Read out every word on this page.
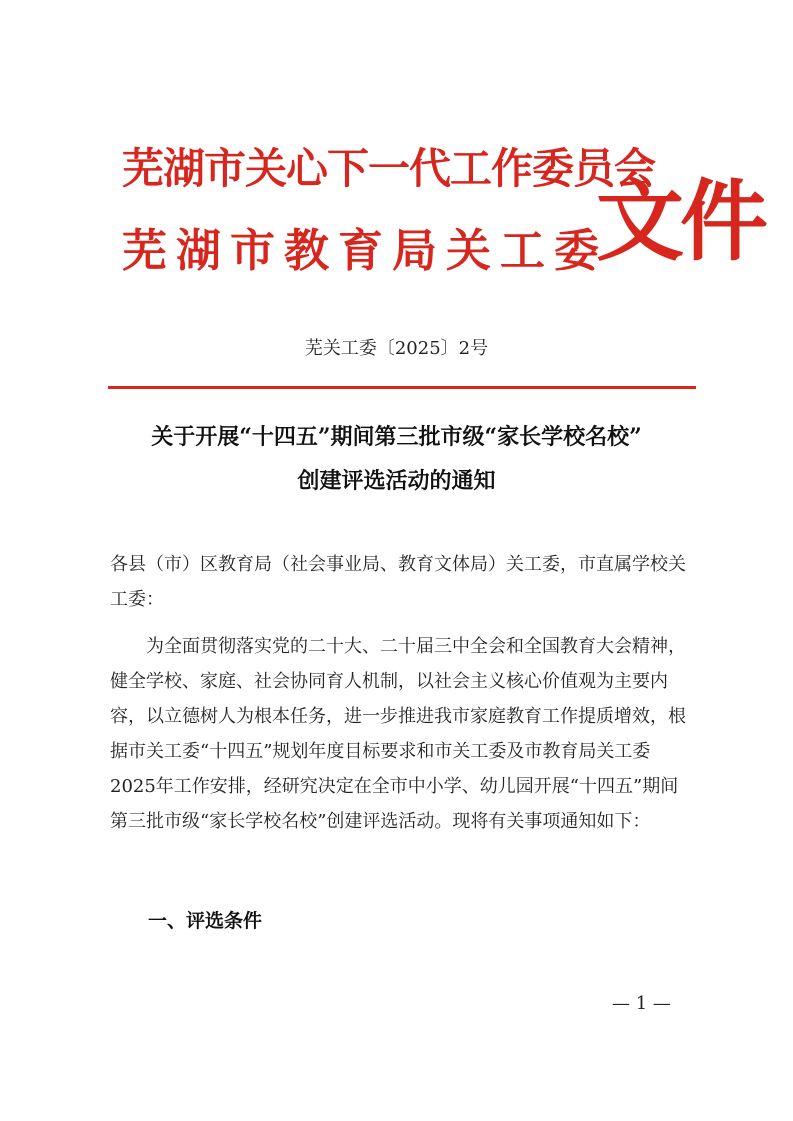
芜湖市关心下一代工作委员会
芜湖市教育局关工委
文件
芜关工委〔2025〕2号
关于开展“十四五”期间第三批市级“家长学校名校”
创建评选活动的通知
各县（市）区教育局（社会事业局、教育文体局）关工委，市直属学校关工委：
为全面贯彻落实党的二十大、二十届三中全会和全国教育大会精神，健全学校、家庭、社会协同育人机制，以社会主义核心价值观为主要内容，以立德树人为根本任务，进一步推进我市家庭教育工作提质增效，根据市关工委“十四五”规划年度目标要求和市关工委及市教育局关工委2025年工作安排，经研究决定在全市中小学、幼儿园开展“十四五”期间第三批市级“家长学校名校”创建评选活动。现将有关事项通知如下：
一、评选条件
— 1 —
